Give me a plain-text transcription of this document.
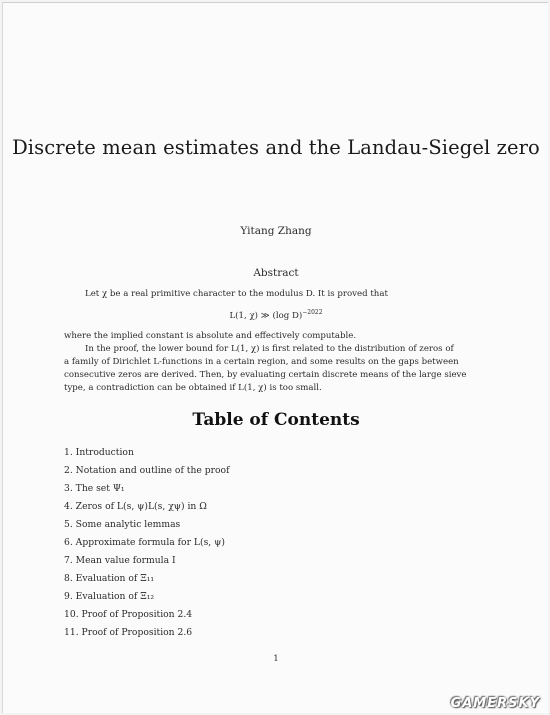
Discrete mean estimates and the Landau-Siegel zero
Yitang Zhang
Abstract
Let χ be a real primitive character to the modulus D. It is proved that
L(1, χ) ≫ (log D)$^{-2022}$
where the implied constant is absolute and effectively computable.
In the proof, the lower bound for L(1, χ) is first related to the distribution of zeros of
a family of Dirichlet L-functions in a certain region, and some results on the gaps between
consecutive zeros are derived. Then, by evaluating certain discrete means of the large sieve
type, a contradiction can be obtained if L(1, χ) is too small.
Table of Contents
1. Introduction
2. Notation and outline of the proof
3. The set Ψ₁
4. Zeros of L(s, ψ)L(s, χψ) in Ω
5. Some analytic lemmas
6. Approximate formula for L(s, ψ)
7. Mean value formula I
8. Evaluation of Ξ₁₁
9. Evaluation of Ξ₁₂
10. Proof of Proposition 2.4
11. Proof of Proposition 2.6
1
GAMERSKY
